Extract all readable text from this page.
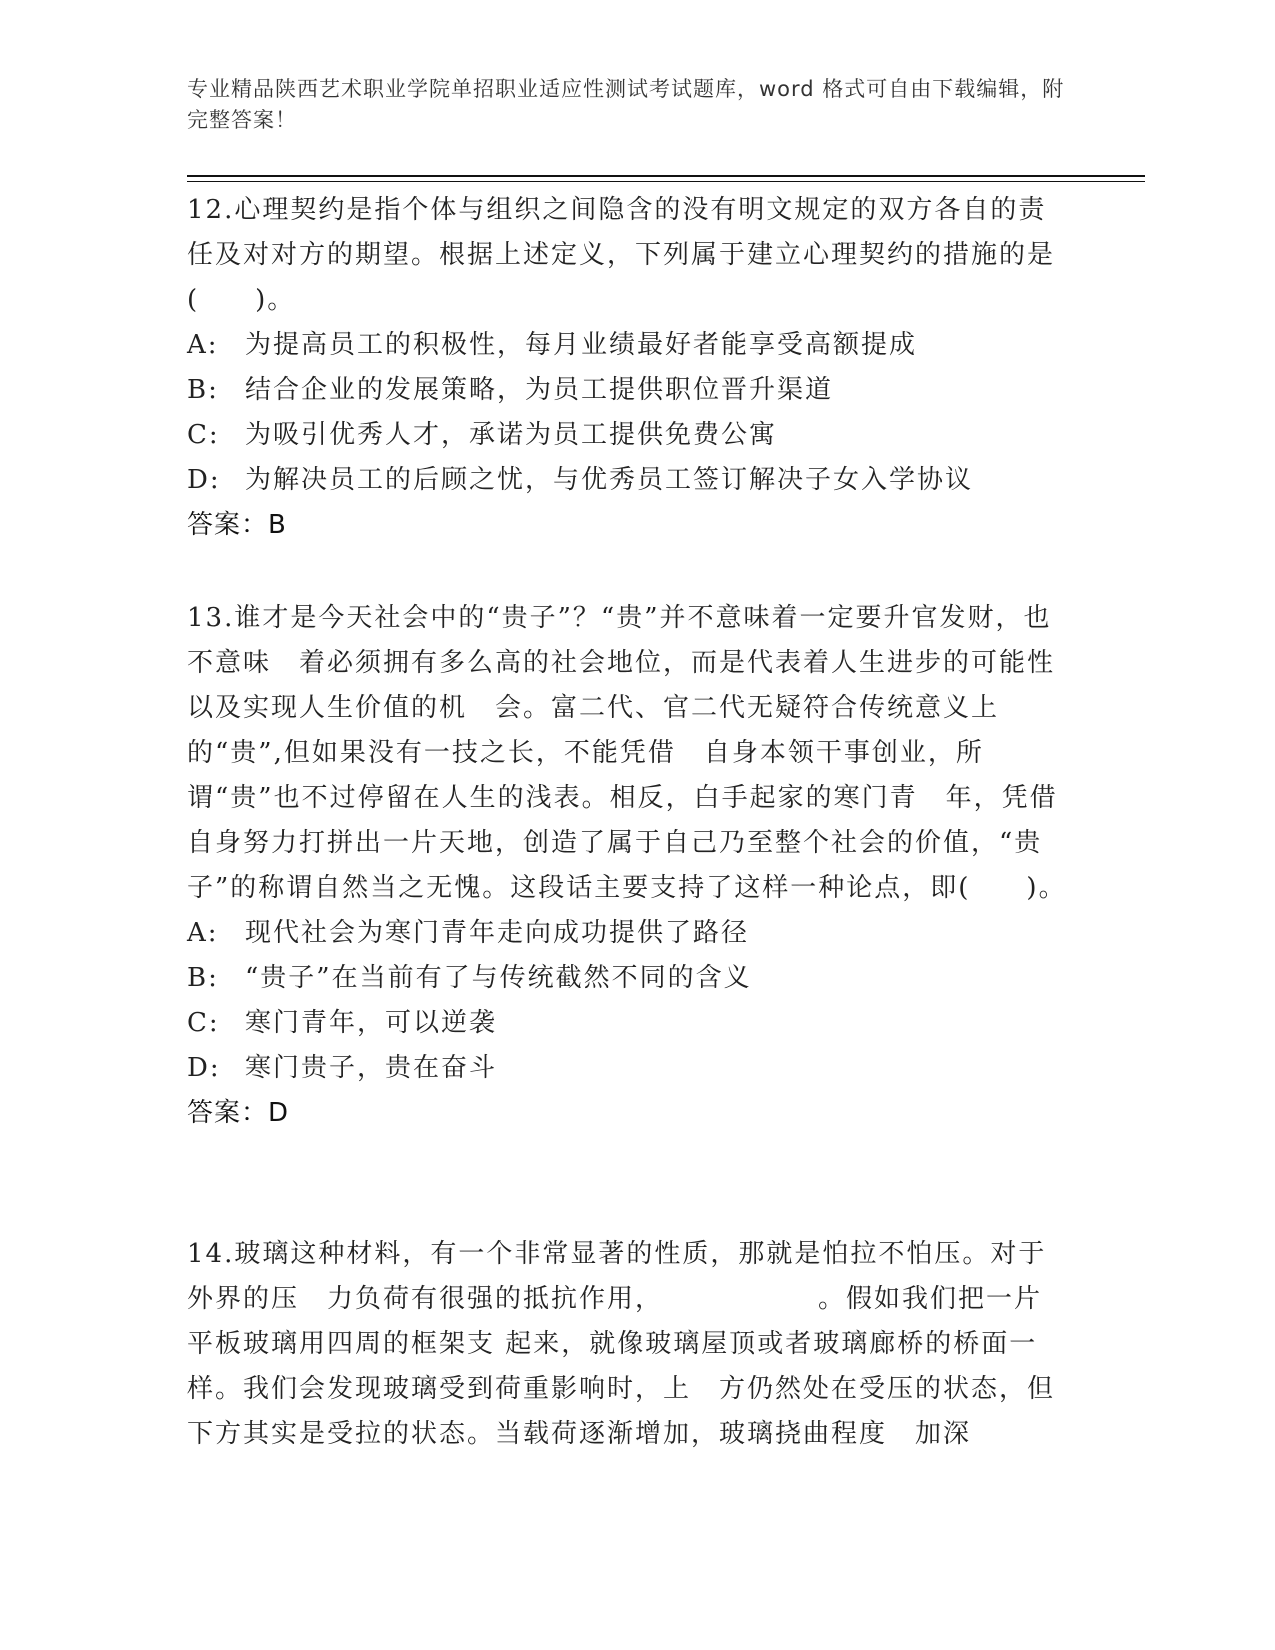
专业精品陕西艺术职业学院单招职业适应性测试考试题库，word 格式可自由下载编辑，附完整答案！

12.心理契约是指个体与组织之间隐含的没有明文规定的双方各自的责任及对对方的期望。根据上述定义，下列属于建立心理契约的措施的是(　　)。

A: 为提高员工的积极性，每月业绩最好者能享受高额提成

B: 结合企业的发展策略，为员工提供职位晋升渠道

C: 为吸引优秀人才，承诺为员工提供免费公寓

D: 为解决员工的后顾之忧，与优秀员工签订解决子女入学协议

答案：B

13.谁才是今天社会中的“贵子”？“贵”并不意味着一定要升官发财，也不意味　着必须拥有多么高的社会地位，而是代表着人生进步的可能性以及实现人生价值的机　会。富二代、官二代无疑符合传统意义上的“贵”,但如果没有一技之长，不能凭借　自身本领干事创业，所谓“贵”也不过停留在人生的浅表。相反，白手起家的寒门青　年，凭借自身努力打拼出一片天地，创造了属于自己乃至整个社会的价值，“贵子”的称谓自然当之无愧。这段话主要支持了这样一种论点，即(　　)。

A: 现代社会为寒门青年走向成功提供了路径

B: “贵子”在当前有了与传统截然不同的含义

C: 寒门青年，可以逆袭

D: 寒门贵子，贵在奋斗

答案：D

14.玻璃这种材料，有一个非常显著的性质，那就是怕拉不怕压。对于外界的压　力负荷有很强的抵抗作用，　　　　　　。假如我们把一片平板玻璃用四周的框架支 起来，就像玻璃屋顶或者玻璃廊桥的桥面一样。我们会发现玻璃受到荷重影响时，上　方仍然处在受压的状态，但下方其实是受拉的状态。当载荷逐渐增加，玻璃挠曲程度　加深
